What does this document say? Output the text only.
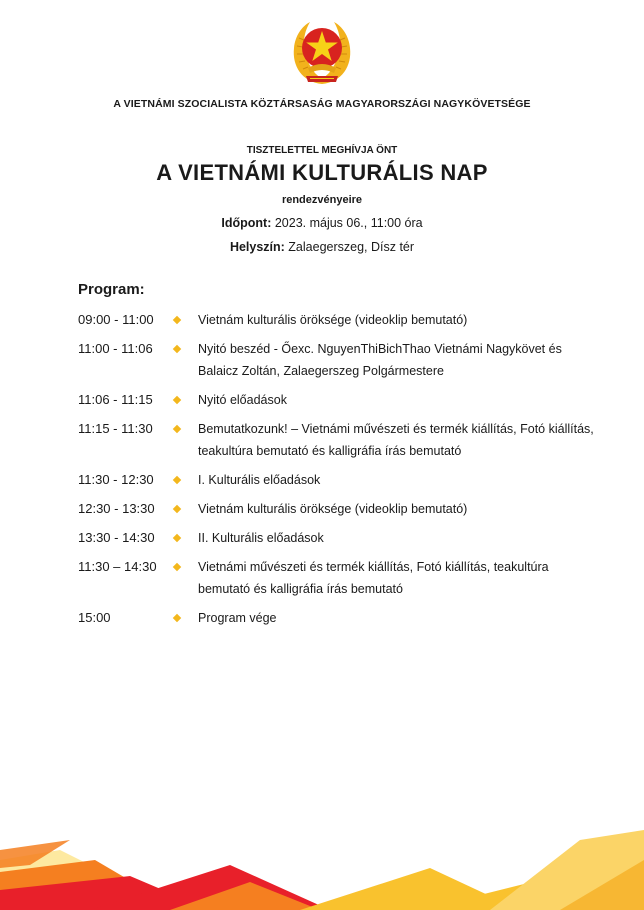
A VIETNÁMI SZOCIALISTA KÖZTÁRSASÁG MAGYARORSZÁGI NAGYKÖVETSÉGE
TISZTELETTEL MEGHÍVJA ÖNT
A VIETNÁMI KULTURÁLIS NAP
rendezvényeire
Időpont: 2023. május 06., 11:00 óra
Helyszín: Zalaegerszeg, Dísz tér
Program:
09:00 - 11:00	Vietnám kulturális öröksége (videoklip bemutató)
11:00 - 11:06	Nyitó beszéd - Őexc. NguyenThiBichThao Vietnámi Nagykövet és Balaicz Zoltán, Zalaegerszeg Polgármestere
11:06 - 11:15	Nyitó előadások
11:15 - 11:30	Bemutatkozunk! – Vietnámi művészeti és termék kiállítás, Fotó kiállítás, teakultúra bemutató és kalligráfia írás bemutató
11:30 - 12:30	I. Kulturális előadások
12:30 - 13:30	Vietnám kulturális öröksége (videoklip bemutató)
13:30 - 14:30	II. Kulturális előadások
11:30 – 14:30	Vietnámi művészeti és termék kiállítás, Fotó kiállítás, teakultúra bemutató és kalligráfia írás bemutató
15:00	Program vége
